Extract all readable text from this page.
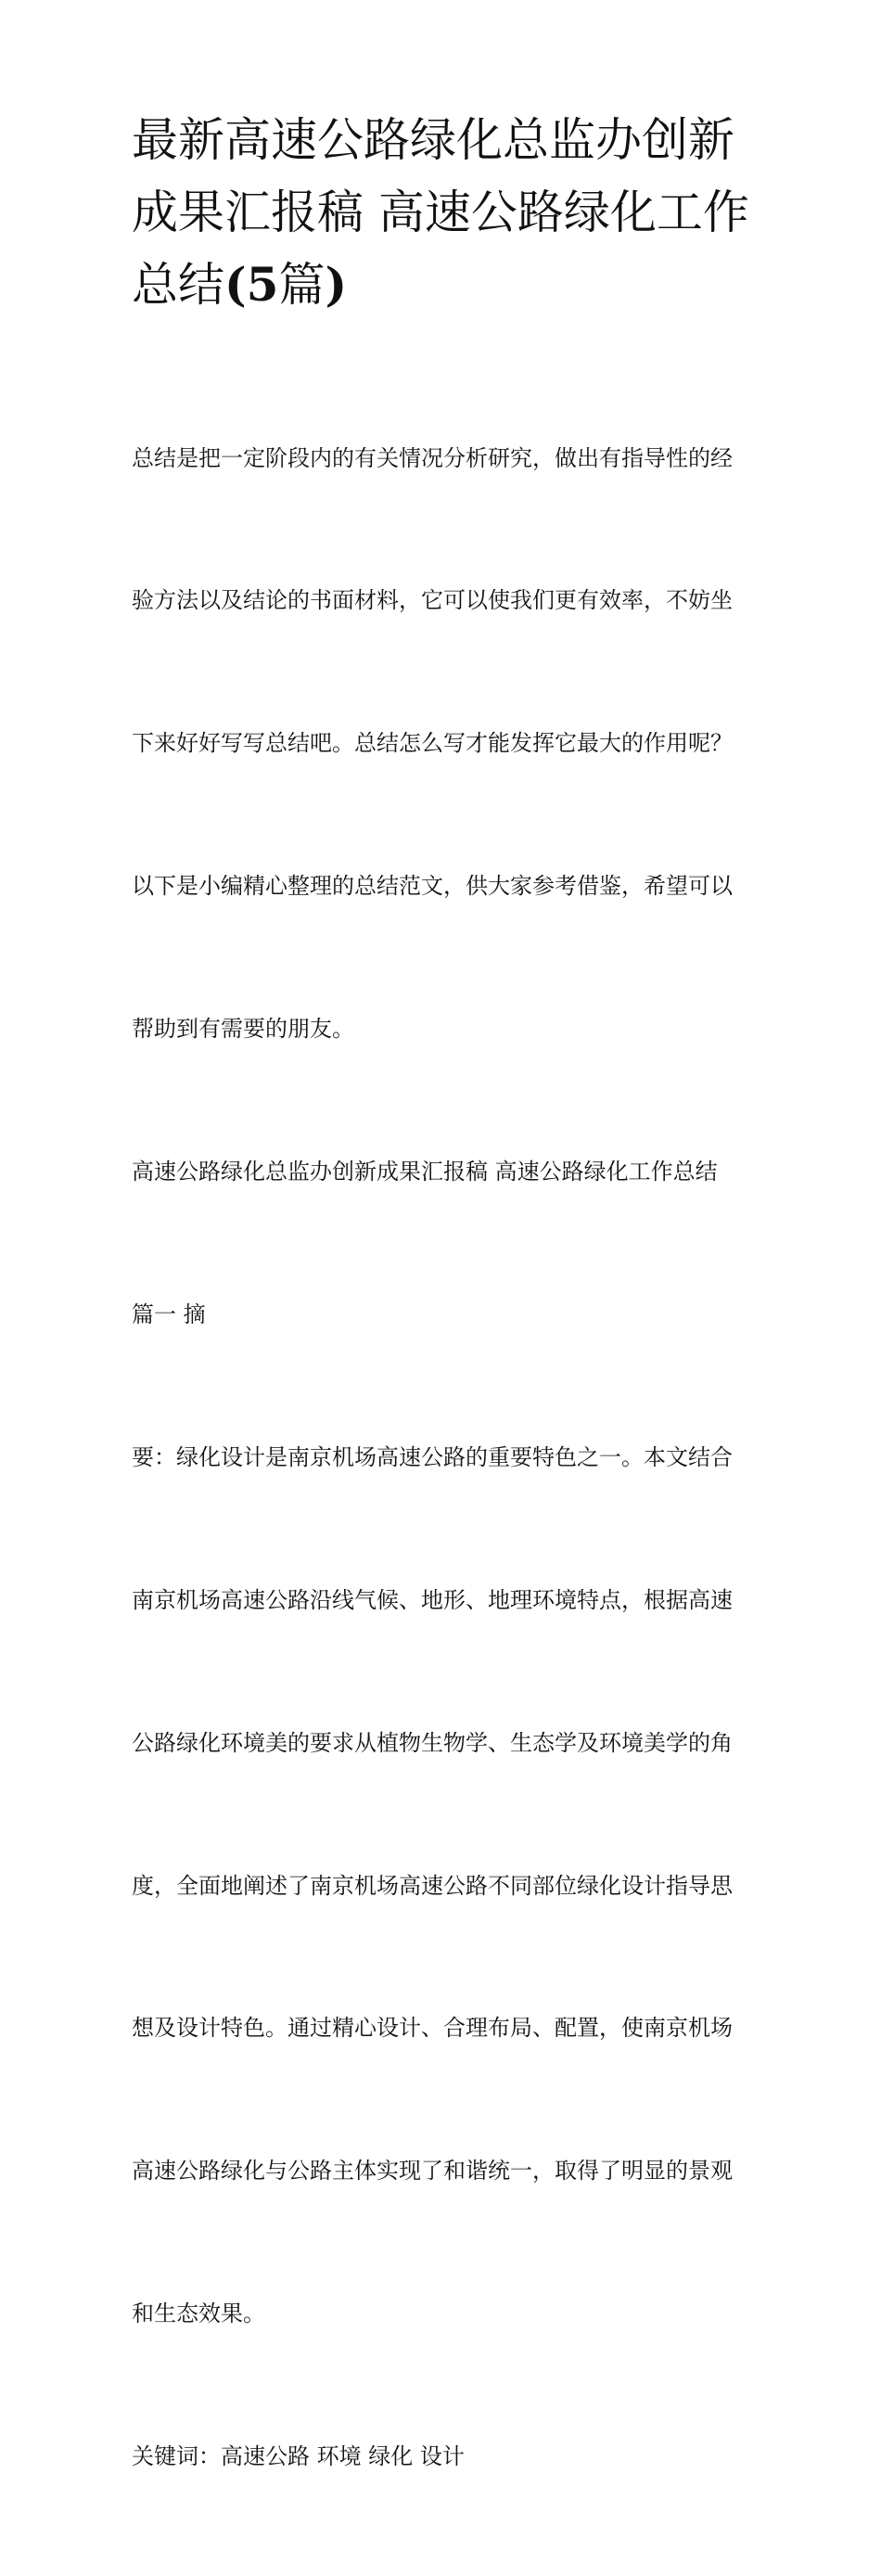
最新高速公路绿化总监办创新
成果汇报稿 高速公路绿化工作
总结(5篇)

总结是把一定阶段内的有关情况分析研究，做出有指导性的经

验方法以及结论的书面材料，它可以使我们更有效率，不妨坐

下来好好写写总结吧。总结怎么写才能发挥它最大的作用呢？

以下是小编精心整理的总结范文，供大家参考借鉴，希望可以

帮助到有需要的朋友。

高速公路绿化总监办创新成果汇报稿 高速公路绿化工作总结

篇一 摘

要：绿化设计是南京机场高速公路的重要特色之一。本文结合

南京机场高速公路沿线气候、地形、地理环境特点，根据高速

公路绿化环境美的要求从植物生物学、生态学及环境美学的角

度，全面地阐述了南京机场高速公路不同部位绿化设计指导思

想及设计特色。通过精心设计、合理布局、配置，使南京机场

高速公路绿化与公路主体实现了和谐统一，取得了明显的景观

和生态效果。

关键词：高速公路 环境 绿化 设计
